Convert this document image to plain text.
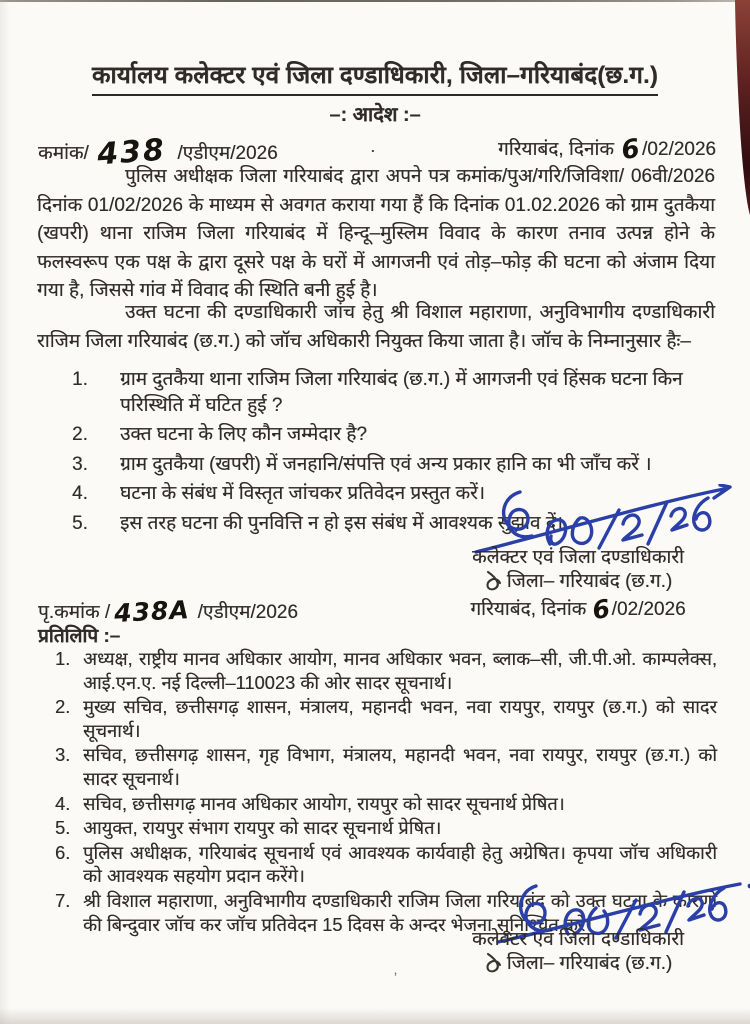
कार्यालय कलेक्टर एवं जिला दण्डाधिकारी, जिला–गरियाबंद(छ.ग.)
–: आदेश :–
कमांक/ 438 /एडीएम/2026	.	गरियाबंद, दिनांक 6/02/2026
पुलिस अधीक्षक जिला गरियाबंद द्वारा अपने पत्र कमांक/पुअ/गरि/जिविशा/ 06वी/2026 दिनांक 01/02/2026 के माध्यम से अवगत कराया गया हैं कि दिनांक 01.02.2026 को ग्राम दुतकैया (खपरी) थाना राजिम जिला गरियाबंद में हिन्दू–मुस्लिम विवाद के कारण तनाव उत्पन्न होने के फलस्वरूप एक पक्ष के द्वारा दूसरे पक्ष के घरों में आगजनी एवं तोड़–फोड़ की घटना को अंजाम दिया गया है, जिससे गांव में विवाद की स्थिति बनी हुई है।
उक्त घटना की दण्डाधिकारी जांच हेतु श्री विशाल महाराणा, अनुविभागीय दण्डाधिकारी राजिम जिला गरियाबंद (छ.ग.) को जॉच अधिकारी नियुक्त किया जाता है। जॉच के निम्नानुसार हैः–
1.	ग्राम दुतकैया थाना राजिम जिला गरियाबंद (छ.ग.) में आगजनी एवं हिंसक घटना किन परिस्थिति में घटित हुई ?
2.	उक्त घटना के लिए कौन जम्मेदार है?
3.	ग्राम दुतकैया (खपरी) में जनहानि/संपत्ति एवं अन्य प्रकार हानि का भी जाँच करें ।
4.	घटना के संबंध में विस्तृत जांचकर प्रतिवेदन प्रस्तुत करें।
5.	इस तरह घटना की पुनवित्ति न हो इस संबंध में आवश्यक सुझाव दें।
कलेक्टर एवं जिला दण्डाधिकारी
जिला– गरियाबंद (छ.ग.)
गरियाबंद, दिनांक 6/02/2026
पृ.कमांक / 438A /एडीएम/2026
प्रतिलिपि :–
1. अध्यक्ष, राष्ट्रीय मानव अधिकार आयोग, मानव अधिकार भवन, ब्लाक–सी, जी.पी.ओ. काम्पलेक्स, आई.एन.ए. नई दिल्ली–110023 की ओर सादर सूचनार्थ।
2. मुख्य सचिव, छत्तीसगढ़ शासन, मंत्रालय, महानदी भवन, नवा रायपुर, रायपुर (छ.ग.) को सादर सूचनार्थ।
3. सचिव, छत्तीसगढ़ शासन, गृह विभाग, मंत्रालय, महानदी भवन, नवा रायपुर, रायपुर (छ.ग.) को सादर सूचनार्थ।
4. सचिव, छत्तीसगढ़ मानव अधिकार आयोग, रायपुर को सादर सूचनार्थ प्रेषित।
5. आयुक्त, रायपुर संभाग रायपुर को सादर सूचनार्थ प्रेषित।
6. पुलिस अधीक्षक, गरियाबंद सूचनार्थ एवं आवश्यक कार्यवाही हेतु अग्रेषित। कृपया जॉच अधिकारी को आवश्यक सहयोग प्रदान करेंगे।
7. श्री विशाल महाराणा, अनुविभागीय दण्डाधिकारी राजिम जिला गरियाबंद को उक्त घटना के कारणो की बिन्दुवार जॉच कर जॉच प्रतिवेदन 15 दिवस के अन्दर भेजना सूनिश्चित करे।
कलेक्टर एवं जिला दण्डाधिकारी
जिला– गरियाबंद (छ.ग.)
ʼ
